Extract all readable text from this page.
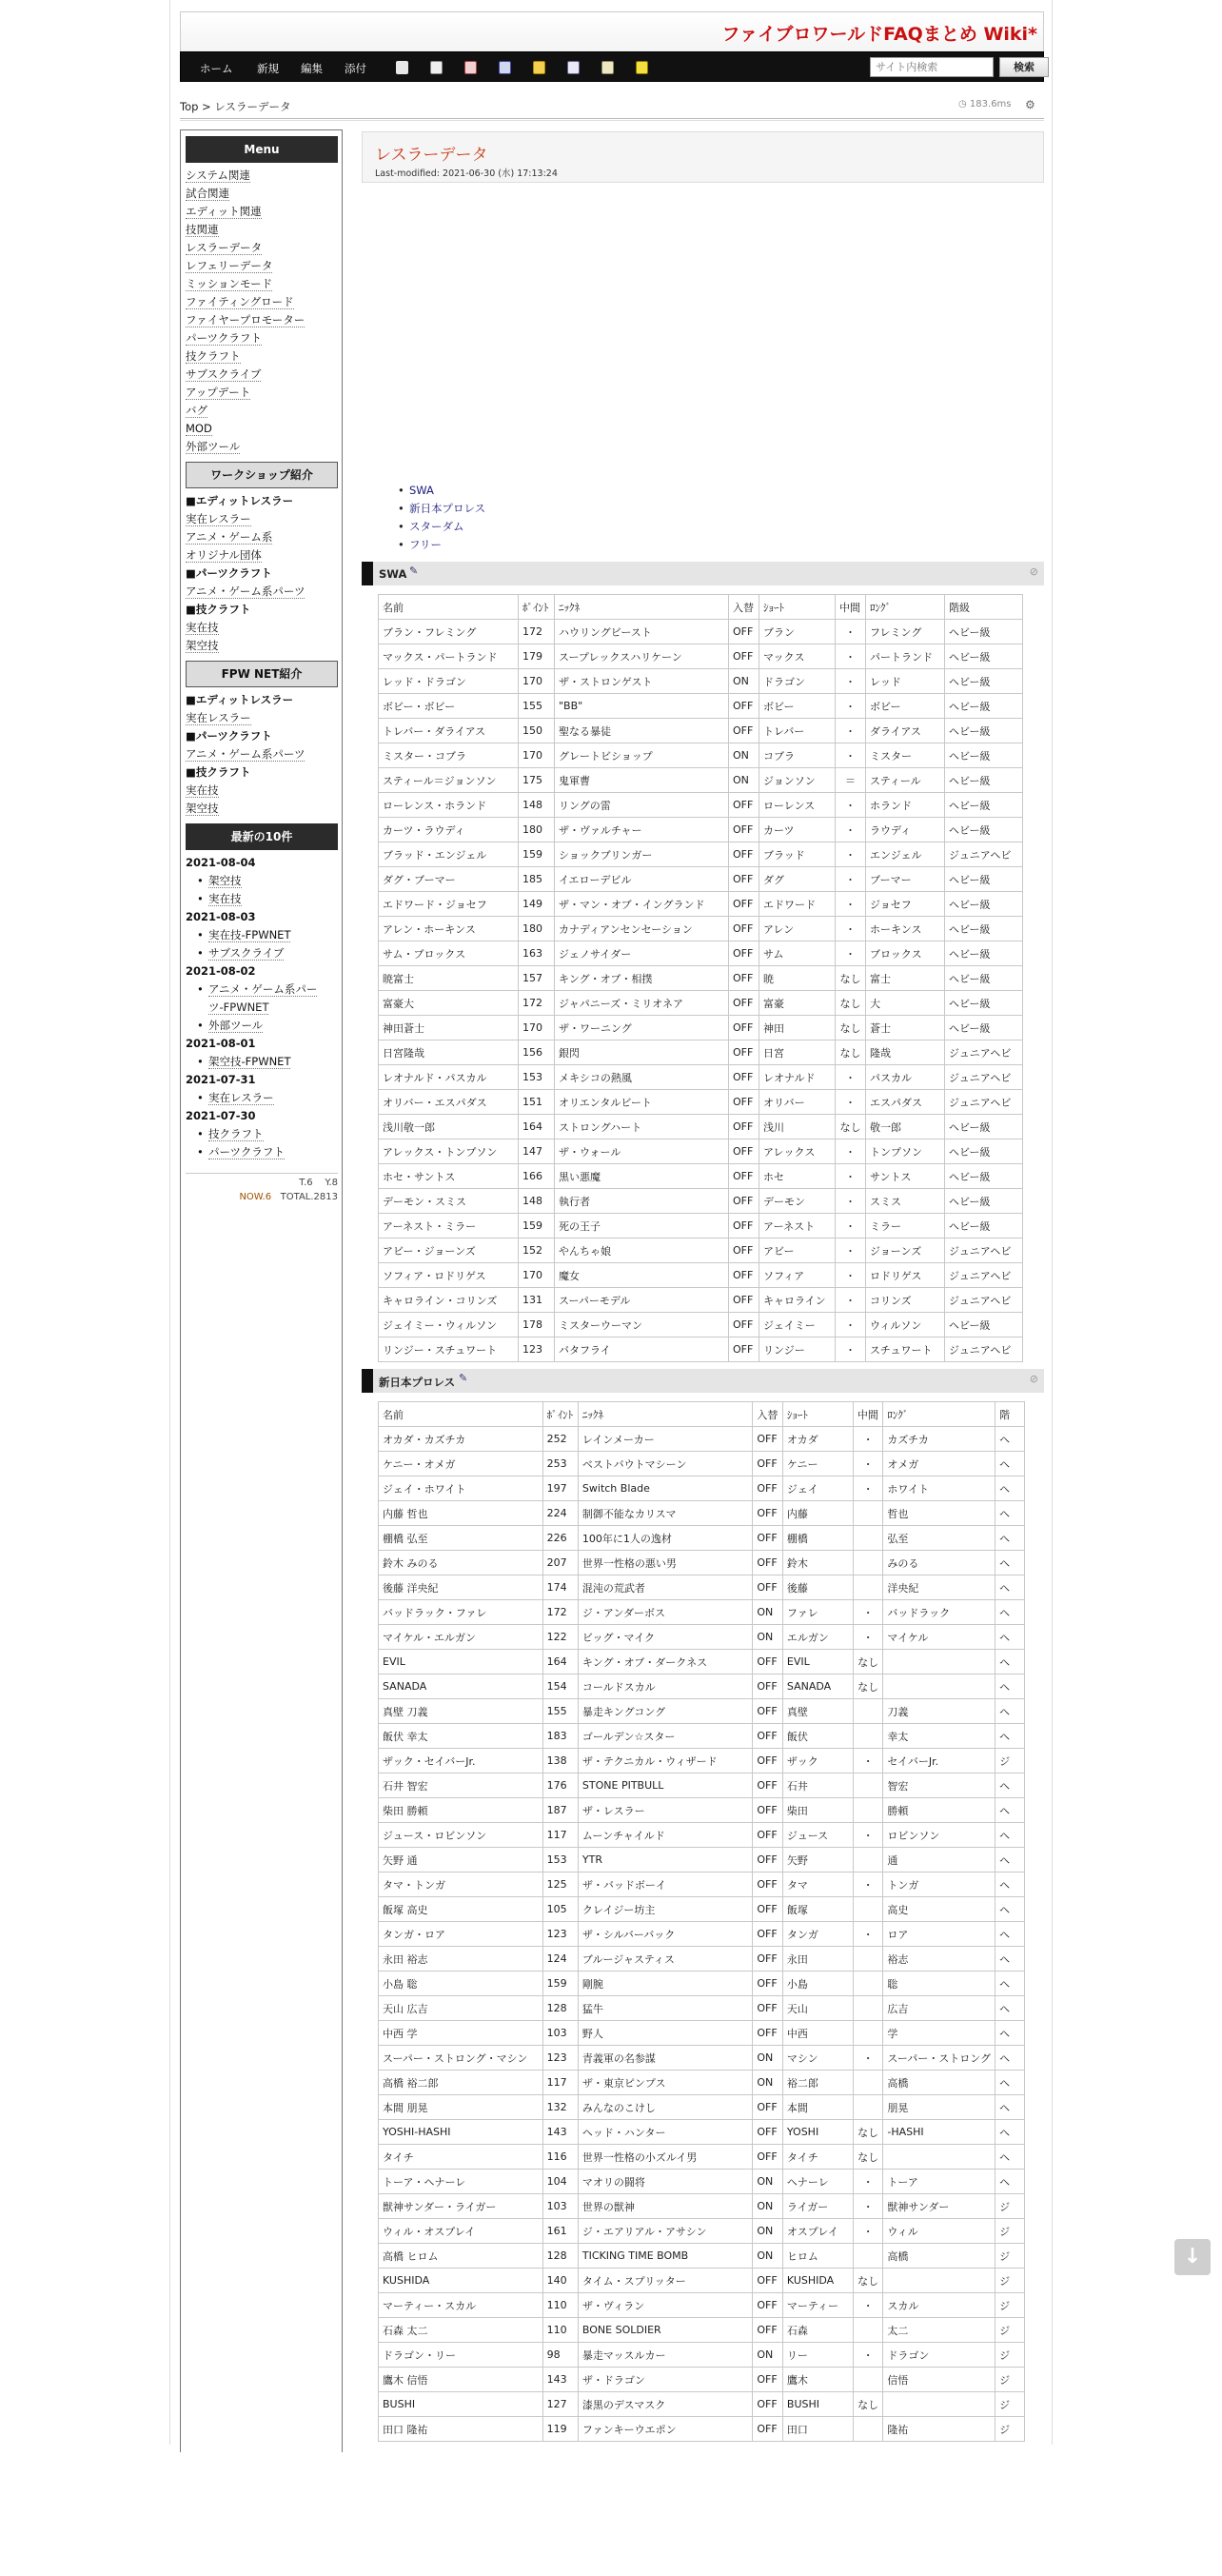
ファイブロワールドFAQまとめ Wiki*
ホーム 新規 編集 添付
サイト内検索	検索
Top > レスラーデータ	◷ 183.6ms ⚙
Menu
システム関連
試合関連
エディット関連
技関連
レスラーデータ
レフェリーデータ
ミッションモード
ファイティングロード
ファイヤープロモーター
パーツクラフト
技クラフト
サブスクライブ
アップデート
バグ
MOD
外部ツール
ワークショップ紹介
■エディットレスラー
実在レスラー
アニメ・ゲーム系
オリジナル団体
■パーツクラフト
アニメ・ゲーム系パーツ
■技クラフト
実在技
架空技
FPW NET紹介
■エディットレスラー
実在レスラー
■パーツクラフト
アニメ・ゲーム系パーツ
■技クラフト
実在技
架空技
最新の10件
2021-08-04
• 架空技
• 実在技
2021-08-03
• 実在技-FPWNET
• サブスクライブ
2021-08-02
• アニメ・ゲーム系パー
ツ-FPWNET
• 外部ツール
2021-08-01
• 架空技-FPWNET
2021-07-31
• 実在レスラー
2021-07-30
• 技クラフト
• パーツクラフト
T.6 Y.8
NOW.6 TOTAL.2813
レスラーデータ
Last-modified: 2021-06-30 (水) 17:13:24
• SWA
• 新日本プロレス
• スターダム
• フリー
SWA ✎	⊘
名前	ﾎﾟｲﾝﾄ	ﾆｯｸﾈ	入替	ｼｮｰﾄ	中間	ﾛﾝｸﾞ	階級
ブラン・フレミング	172	ハウリングビースト	OFF	ブラン	・	フレミング	ヘビー級
マックス・パートランド	179	スープレックスハリケーン	OFF	マックス	・	パートランド	ヘビー級
レッド・ドラゴン	170	ザ・ストロンゲスト	ON	ドラゴン	・	レッド	ヘビー級
ボビー・ボビー	155	"BB"	OFF	ボビー	・	ボビー	ヘビー級
トレバー・ダライアス	150	聖なる暴徒	OFF	トレバー	・	ダライアス	ヘビー級
ミスター・コブラ	170	グレートビショップ	ON	コブラ	・	ミスター	ヘビー級
スティール＝ジョンソン	175	鬼軍曹	ON	ジョンソン	＝	スティール	ヘビー級
ローレンス・ホランド	148	リングの雷	OFF	ローレンス	・	ホランド	ヘビー級
カーツ・ラウディ	180	ザ・ヴァルチャー	OFF	カーツ	・	ラウディ	ヘビー級
ブラッド・エンジェル	159	ショックブリンガー	OFF	ブラッド	・	エンジェル	ジュニアヘビ
ダグ・ブーマー	185	イエローデビル	OFF	ダグ	・	ブーマー	ヘビー級
エドワード・ジョセフ	149	ザ・マン・オブ・イングランド	OFF	エドワード	・	ジョセフ	ヘビー級
アレン・ホーキンス	180	カナディアンセンセーション	OFF	アレン	・	ホーキンス	ヘビー級
サム・ブロックス	163	ジェノサイダー	OFF	サム	・	ブロックス	ヘビー級
暁富士	157	キング・オブ・相撲	OFF	暁	なし	富士	ヘビー級
富豪大	172	ジャパニーズ・ミリオネア	OFF	富豪	なし	大	ヘビー級
神田蒼士	170	ザ・ワーニング	OFF	神田	なし	蒼士	ヘビー級
日宮隆哉	156	銀閃	OFF	日宮	なし	隆哉	ジュニアヘビ
レオナルド・パスカル	153	メキシコの熱風	OFF	レオナルド	・	パスカル	ジュニアヘビ
オリバー・エスパダス	151	オリエンタルビート	OFF	オリバー	・	エスパダス	ジュニアヘビ
浅川敬一郎	164	ストロングハート	OFF	浅川	なし	敬一郎	ヘビー級
アレックス・トンプソン	147	ザ・ウォール	OFF	アレックス	・	トンプソン	ヘビー級
ホセ・サントス	166	黒い悪魔	OFF	ホセ	・	サントス	ヘビー級
デーモン・スミス	148	執行者	OFF	デーモン	・	スミス	ヘビー級
アーネスト・ミラー	159	死の王子	OFF	アーネスト	・	ミラー	ヘビー級
アビー・ジョーンズ	152	やんちゃ娘	OFF	アビー	・	ジョーンズ	ジュニアヘビ
ソフィア・ロドリゲス	170	魔女	OFF	ソフィア	・	ロドリゲス	ジュニアヘビ
キャロライン・コリンズ	131	スーパーモデル	OFF	キャロライン	・	コリンズ	ジュニアヘビ
ジェイミー・ウィルソン	178	ミスターウーマン	OFF	ジェイミー	・	ウィルソン	ヘビー級
リンジー・スチュワート	123	バタフライ	OFF	リンジー	・	スチュワート	ジュニアヘビ
新日本プロレス ✎	⊘
名前	ﾎﾟｲﾝﾄ	ﾆｯｸﾈ	入替	ｼｮｰﾄ	中間	ﾛﾝｸﾞ	階
オカダ・カズチカ	252	レインメーカー	OFF	オカダ	・	カズチカ	ヘ
ケニー・オメガ	253	ベストバウトマシーン	OFF	ケニー	・	オメガ	ヘ
ジェイ・ホワイト	197	Switch Blade	OFF	ジェイ	・	ホワイト	ヘ
内藤 哲也	224	制御不能なカリスマ	OFF	内藤		哲也	ヘ
棚橋 弘至	226	100年に1人の逸材	OFF	棚橋		弘至	ヘ
鈴木 みのる	207	世界一性格の悪い男	OFF	鈴木		みのる	ヘ
後藤 洋央紀	174	混沌の荒武者	OFF	後藤		洋央紀	ヘ
バッドラック・ファレ	172	ジ・アンダーボス	ON	ファレ	・	バッドラック	ヘ
マイケル・エルガン	122	ビッグ・マイク	ON	エルガン	・	マイケル	ヘ
EVIL	164	キング・オブ・ダークネス	OFF	EVIL	なし		ヘ
SANADA	154	コールドスカル	OFF	SANADA	なし		ヘ
真壁 刀義	155	暴走キングコング	OFF	真壁		刀義	ヘ
飯伏 幸太	183	ゴールデン☆スター	OFF	飯伏		幸太	ヘ
ザック・セイバーJr.	138	ザ・テクニカル・ウィザード	OFF	ザック	・	セイバーJr.	ジ
石井 智宏	176	STONE PITBULL	OFF	石井		智宏	ヘ
柴田 勝頼	187	ザ・レスラー	OFF	柴田		勝頼	ヘ
ジュース・ロビンソン	117	ムーンチャイルド	OFF	ジュース	・	ロビンソン	ヘ
矢野 通	153	YTR	OFF	矢野		通	ヘ
タマ・トンガ	125	ザ・バッドボーイ	OFF	タマ	・	トンガ	ヘ
飯塚 高史	105	クレイジー坊主	OFF	飯塚		高史	ヘ
タンガ・ロア	123	ザ・シルバーバック	OFF	タンガ	・	ロア	ヘ
永田 裕志	124	ブルージャスティス	OFF	永田		裕志	ヘ
小島 聡	159	剛腕	OFF	小島		聡	ヘ
天山 広吉	128	猛牛	OFF	天山		広吉	ヘ
中西 学	103	野人	OFF	中西		学	ヘ
スーパー・ストロング・マシン	123	青義軍の名参謀	ON	マシン	・	スーパー・ストロング	ヘ
高橋 裕二郎	117	ザ・東京ピンプス	ON	裕二郎		高橋	ヘ
本間 朋晃	132	みんなのこけし	OFF	本間		朋晃	ヘ
YOSHI-HASHI	143	ヘッド・ハンター	OFF	YOSHI	なし	-HASHI	ヘ
タイチ	116	世界一性格の小ズルイ男	OFF	タイチ	なし		ヘ
トーア・ヘナーレ	104	マオリの闘将	ON	ヘナーレ	・	トーア	ヘ
獣神サンダー・ライガー	103	世界の獣神	ON	ライガー	・	獣神サンダー	ジ
ウィル・オスプレイ	161	ジ・エアリアル・アサシン	ON	オスプレイ	・	ウィル	ジ
高橋 ヒロム	128	TICKING TIME BOMB	ON	ヒロム		高橋	ジ
KUSHIDA	140	タイム・スプリッター	OFF	KUSHIDA	なし		ジ
マーティー・スカル	110	ザ・ヴィラン	OFF	マーティー	・	スカル	ジ
石森 太二	110	BONE SOLDIER	OFF	石森		太二	ジ
ドラゴン・リー	98	暴走マッスルカー	ON	リー	・	ドラゴン	ジ
鷹木 信悟	143	ザ・ドラゴン	OFF	鷹木		信悟	ジ
BUSHI	127	漆黒のデスマスク	OFF	BUSHI	なし		ジ
田口 隆祐	119	ファンキーウエポン	OFF	田口		隆祐	ジ
↓
